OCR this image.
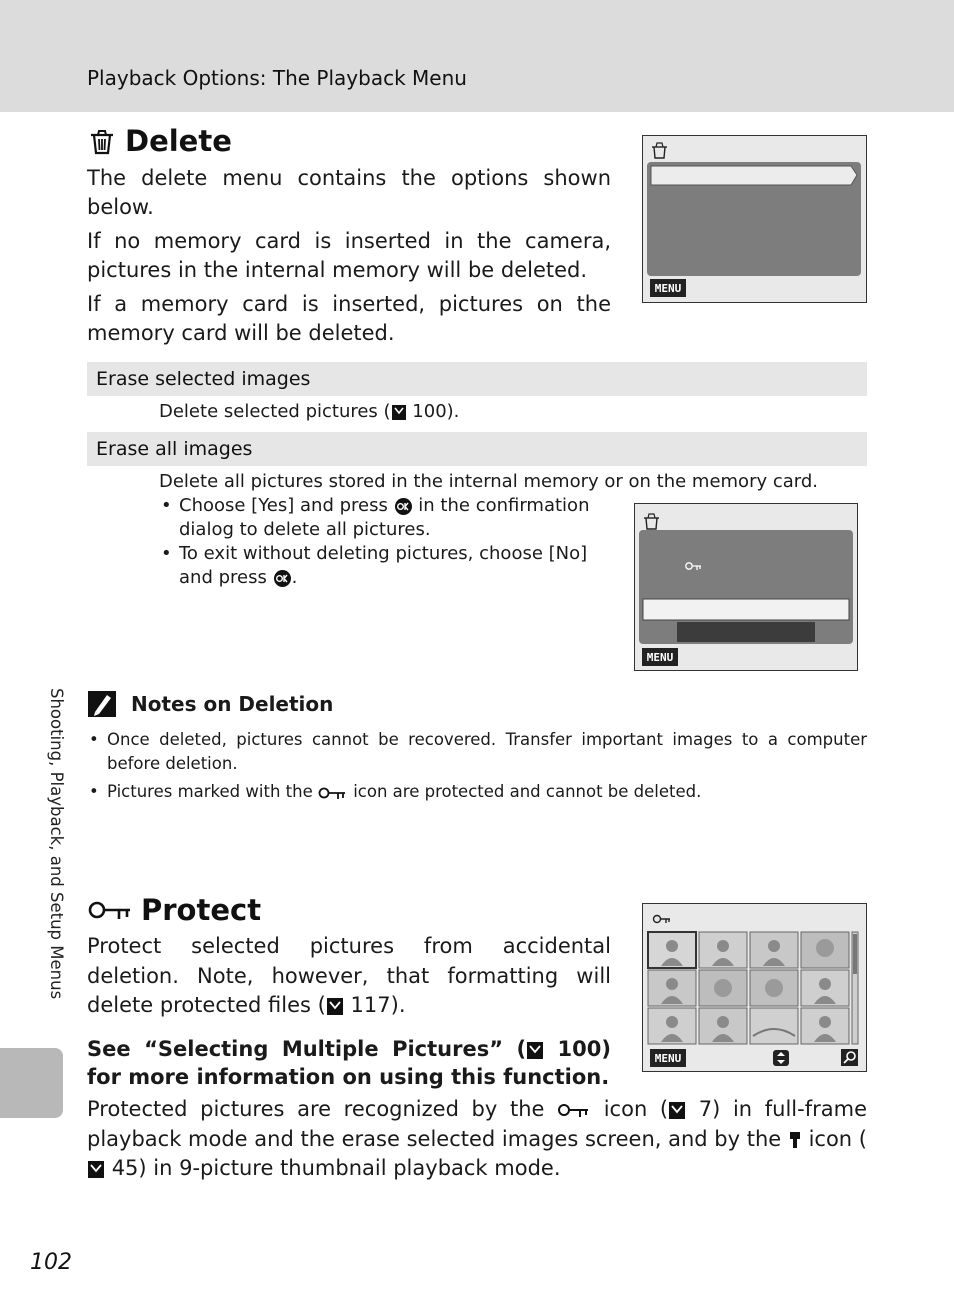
Playback Options: The Playback Menu
Shooting, Playback, and Setup Menus
Delete

The delete menu contains the options shown below.

If no memory card is inserted in the camera, pictures in the internal memory will be deleted.

If a memory card is inserted, pictures on the memory card will be deleted.

MENU
Erase selected images
Delete selected pictures ( 100).
Erase all images
Delete all pictures stored in the internal memory or on the memory card.
• Choose [Yes] and press  in the confirmation dialog to delete all pictures.
• To exit without deleting pictures, choose [No] and press .
MENU
Notes on Deletion
• Once deleted, pictures cannot be recovered. Transfer important images to a computer before deletion.
• Pictures marked with the  icon are protected and cannot be deleted.
Protect

Protect selected pictures from accidental deletion. Note, however, that formatting will delete protected files ( 117).

See “Selecting Multiple Pictures” ( 100) for more information on using this function.

Protected pictures are recognized by the  icon ( 7) in full-frame playback mode and the erase selected images screen, and by the  icon ( 45) in 9-picture thumbnail playback mode.

MENU
102
